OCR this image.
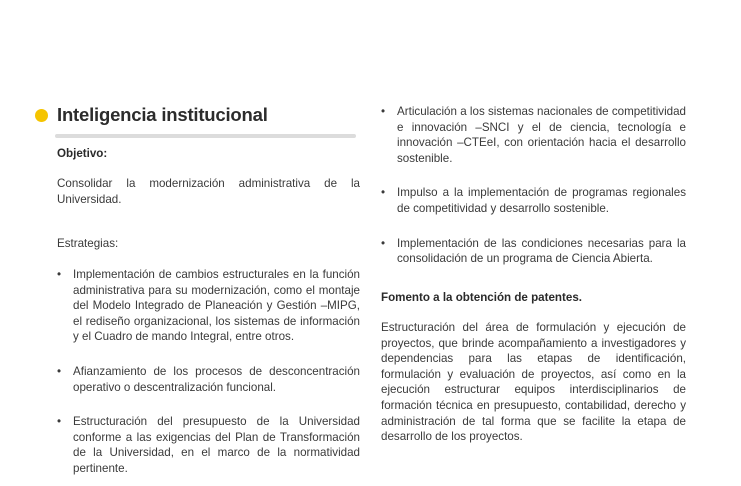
Inteligencia institucional

Objetivo:

Consolidar la modernización administrativa de la Universidad.

Estrategias:

• Implementación de cambios estructurales en la función administrativa para su modernización, como el montaje del Modelo Integrado de Planeación y Gestión –MIPG, el rediseño organizacional, los sistemas de información y el Cuadro de mando Integral, entre otros.

• Afianzamiento de los procesos de desconcentración operativo o descentralización funcional.

• Estructuración del presupuesto de la Universidad conforme a las exigencias del Plan de Transformación de la Universidad, en el marco de la normatividad pertinente.

• Articulación a los sistemas nacionales de competitividad e innovación –SNCI y el de ciencia, tecnología e innovación –CTEeI, con orientación hacia el desarrollo sostenible.

• Impulso a la implementación de programas regionales de competitividad y desarrollo sostenible.

• Implementación de las condiciones necesarias para la consolidación de un programa de Ciencia Abierta.

Fomento a la obtención de patentes.

Estructuración del área de formulación y ejecución de proyectos, que brinde acompañamiento a investigadores y dependencias para las etapas de identificación, formulación y evaluación de proyectos, así como en la ejecución estructurar equipos interdisciplinarios de formación técnica en presupuesto, contabilidad, derecho y administración de tal forma que se facilite la etapa de desarrollo de los proyectos.
